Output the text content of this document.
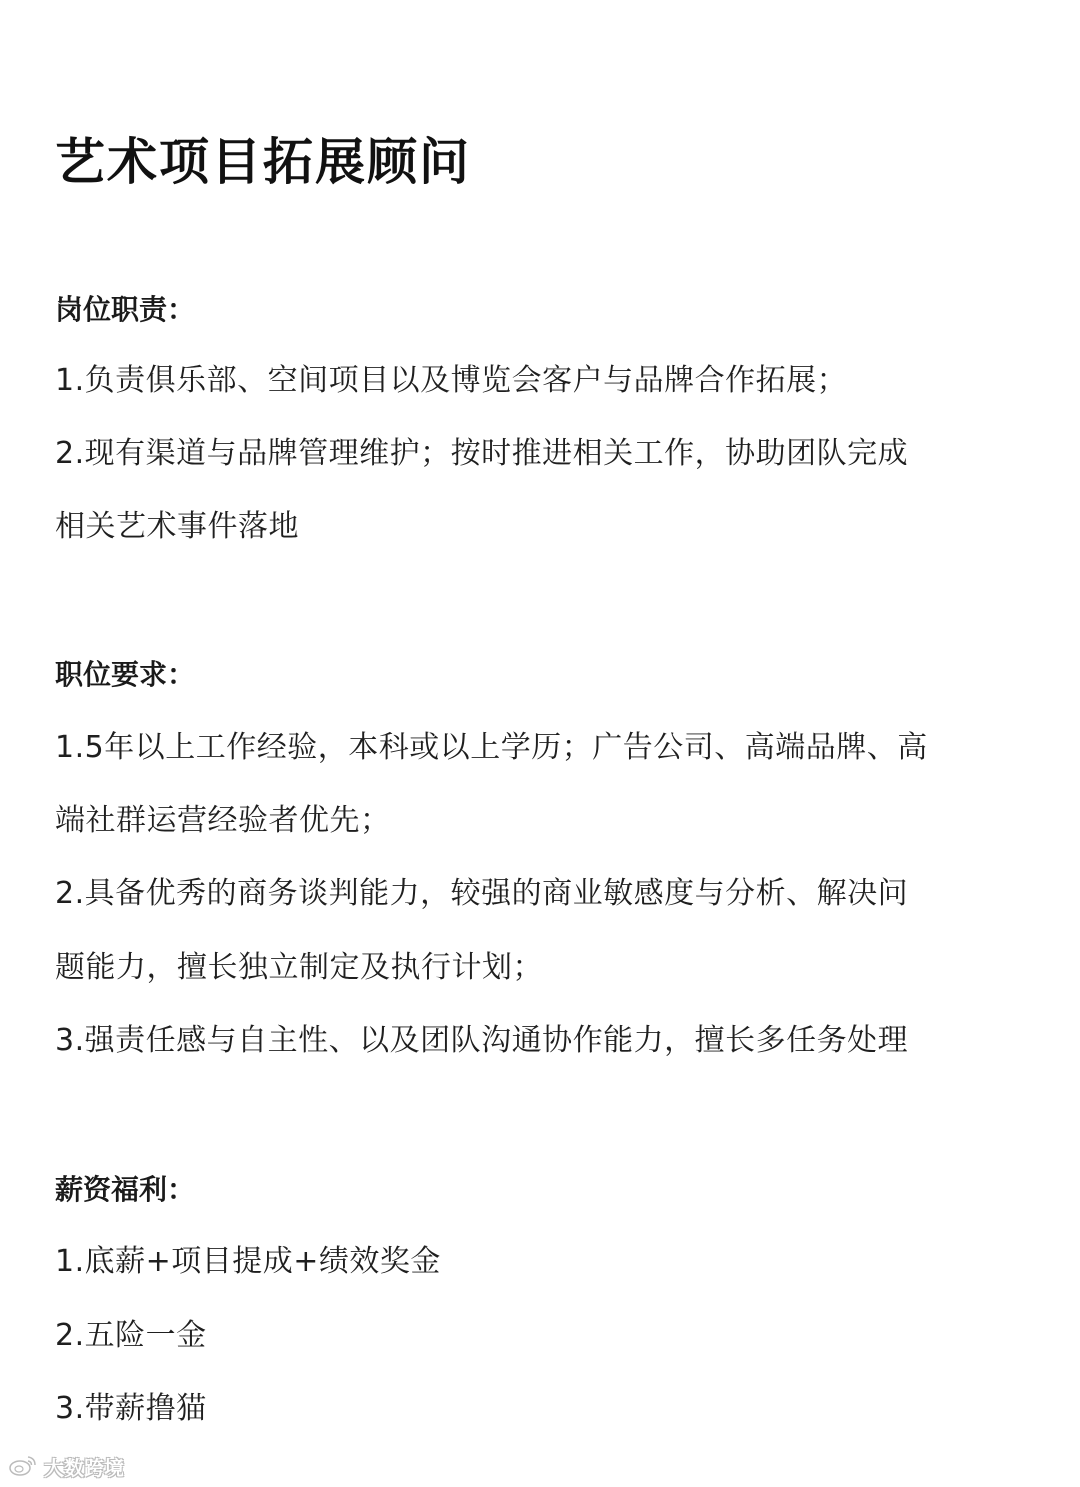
艺术项目拓展顾问
岗位职责：
1.负责俱乐部、空间项目以及博览会客户与品牌合作拓展；
2.现有渠道与品牌管理维护；按时推进相关工作，协助团队完成
相关艺术事件落地
职位要求：
1.5年以上工作经验，本科或以上学历；广告公司、高端品牌、高
端社群运营经验者优先；
2.具备优秀的商务谈判能力，较强的商业敏感度与分析、解决问
题能力，擅长独立制定及执行计划；
3.强责任感与自主性、以及团队沟通协作能力，擅长多任务处理
薪资福利：
1.底薪+项目提成+绩效奖金
2.五险一金
3.带薪撸猫
大数跨境
